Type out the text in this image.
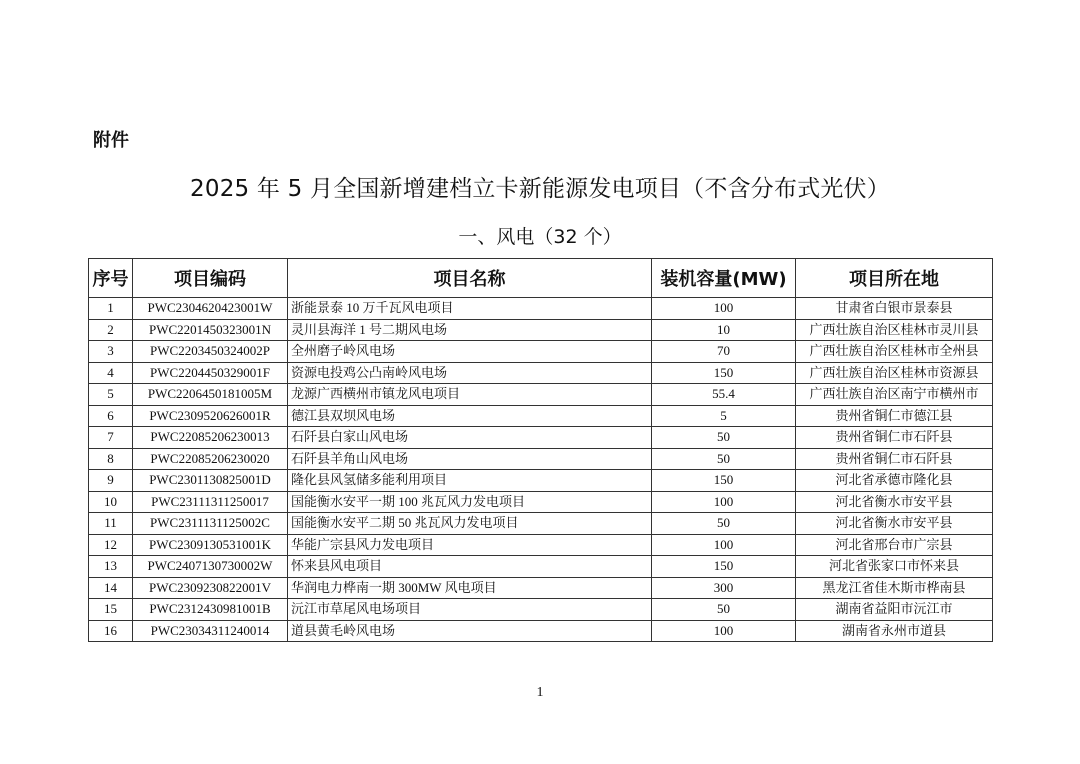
附件
2025 年 5 月全国新增建档立卡新能源发电项目（不含分布式光伏）
一、风电（32 个）
序号	项目编码	项目名称	装机容量(MW)	项目所在地
1	PWC2304620423001W	浙能景泰 10 万千瓦风电项目	100	甘肃省白银市景泰县
2	PWC2201450323001N	灵川县海洋 1 号二期风电场	10	广西壮族自治区桂林市灵川县
3	PWC2203450324002P	全州磨子岭风电场	70	广西壮族自治区桂林市全州县
4	PWC2204450329001F	资源电投鸡公凸南岭风电场	150	广西壮族自治区桂林市资源县
5	PWC2206450181005M	龙源广西横州市镇龙风电项目	55.4	广西壮族自治区南宁市横州市
6	PWC2309520626001R	德江县双坝风电场	5	贵州省铜仁市德江县
7	PWC22085206230013	石阡县白家山风电场	50	贵州省铜仁市石阡县
8	PWC22085206230020	石阡县羊角山风电场	50	贵州省铜仁市石阡县
9	PWC2301130825001D	隆化县风氢储多能利用项目	150	河北省承德市隆化县
10	PWC23111311250017	国能衡水安平一期 100 兆瓦风力发电项目	100	河北省衡水市安平县
11	PWC2311131125002C	国能衡水安平二期 50 兆瓦风力发电项目	50	河北省衡水市安平县
12	PWC2309130531001K	华能广宗县风力发电项目	100	河北省邢台市广宗县
13	PWC2407130730002W	怀来县风电项目	150	河北省张家口市怀来县
14	PWC2309230822001V	华润电力桦南一期 300MW 风电项目	300	黑龙江省佳木斯市桦南县
15	PWC2312430981001B	沅江市草尾风电场项目	50	湖南省益阳市沅江市
16	PWC23034311240014	道县黄毛岭风电场	100	湖南省永州市道县
1
